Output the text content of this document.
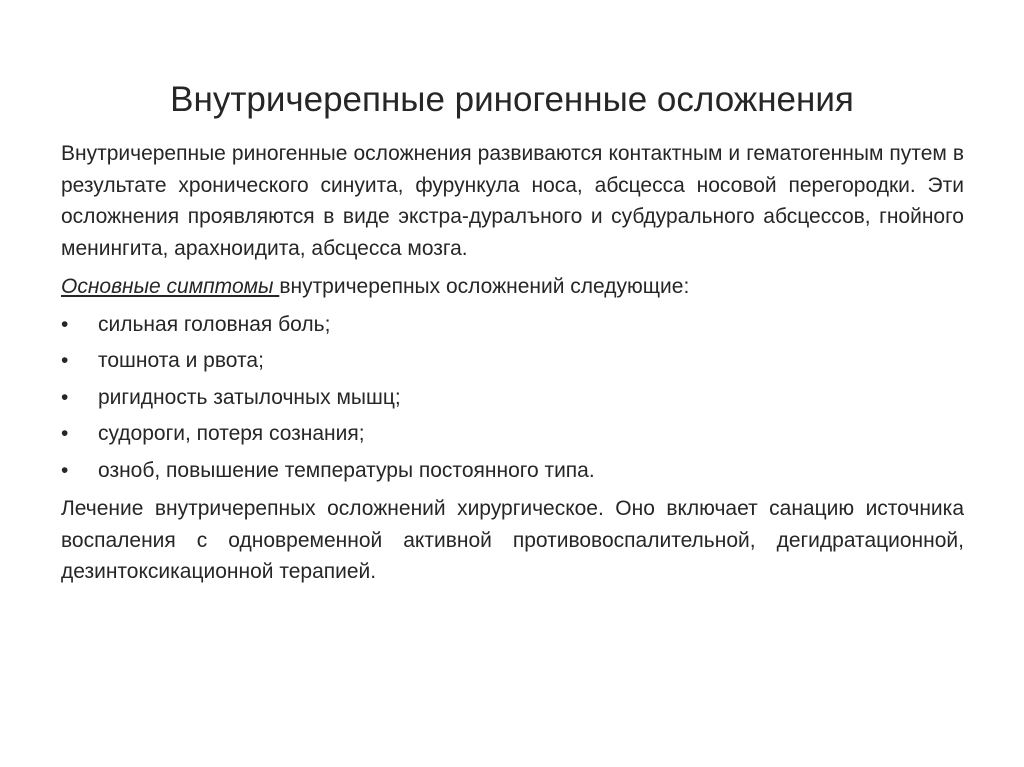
Внутричерепные риногенные осложнения

Внутричерепные риногенные осложнения развиваются контактным и гематогенным путем в результате хронического синуита, фурункула носа, абсцесса носовой перегородки. Эти осложнения проявляются в виде экстра-дуралъного и субдурального абсцессов, гнойного менингита, арахноидита, абсцесса мозга.

Основные симптомы внутричерепных осложнений следующие:

• сильная головная боль;
• тошнота и рвота;
• ригидность затылочных мышц;
• судороги, потеря сознания;
• озноб, повышение температуры постоянного типа.

Лечение внутричерепных осложнений хирургическое. Оно включает санацию источника воспаления с одновременной активной противовоспалительной, дегидратационной, дезинтоксикационной терапией.
